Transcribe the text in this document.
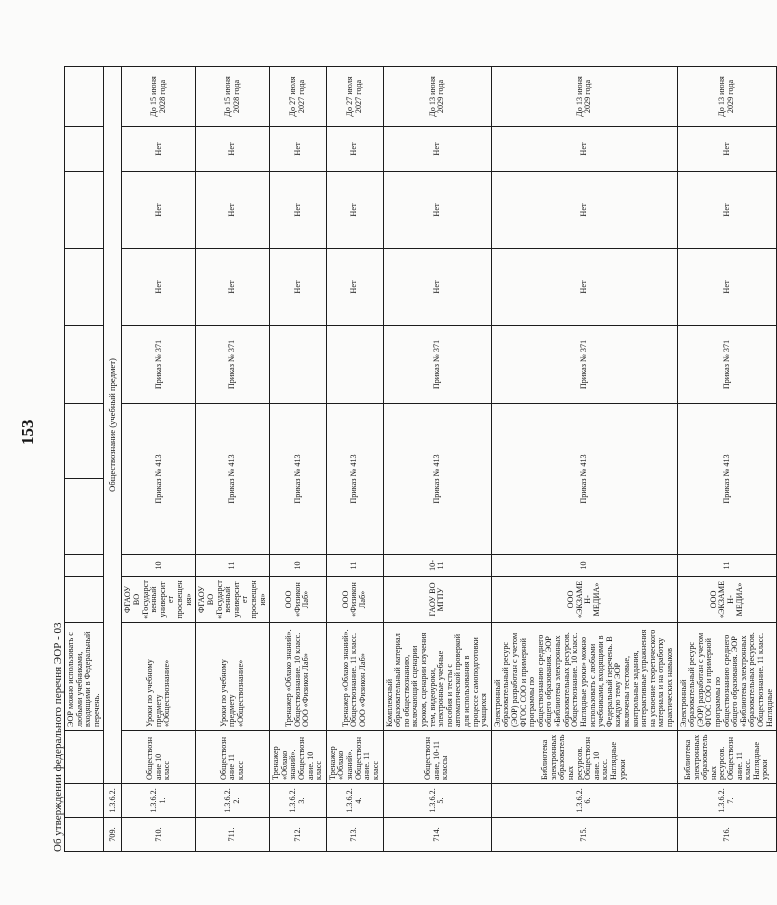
153
Об утверждении федерального перечня ЭОР - 03
			ЭОР можно использовать с любыми учебниками, входящими в Федеральный перечень.									
709.	1.3.6.2.	Обществознание (учебный предмет)										
710.	1.3.6.2.1.	Обществознание 10 класс	Уроки по учебному предмету «Обществознание»	ФГАОУ ВО «Государственный университет просвещения»	10	Приказ № 413		Приказ № 371	Нет	Нет	Нет	До 15 июня 2028 года
711.	1.3.6.2.2.	Обществознание 11 класс	Уроки по учебному предмету «Обществознание»	ФГАОУ ВО «Государственный университет просвещения»	11	Приказ № 413		Приказ № 371	Нет	Нет	Нет	До 15 июня 2028 года
712.	1.3.6.2.3.	Тренажер «Облако знаний». Обществознание. 10 класс	Тренажер «Облако знаний». Обществознание. 10 класс. ООО «Физикон Лаб»	ООО «Физикон Лаб»	10	Приказ № 413			Нет	Нет	Нет	До 27 июля 2027 года
713.	1.3.6.2.4.	Тренажер «Облако знаний». Обществознание. 11 класс	Тренажер «Облако знаний». Обществознание. 11 класс. ООО «Физикон Лаб»	ООО «Физикон Лаб»	11	Приказ № 413			Нет	Нет	Нет	До 27 июля 2027 года
714.	1.3.6.2.5.	Обществознание, 10-11 классы	Комплексный образовательный материал по обществознанию, включающий сценарии уроков, сценарии изучения тем, видеоуроки, электронные учебные пособия и тесты с автоматической проверкой для использования в процессе самоподготовки учащихся	ГАОУ ВО МГПУ	10-11	Приказ № 413		Приказ № 371	Нет	Нет	Нет	До 13 июня 2029 года
715.	1.3.6.2.6.	Библиотека электронных образовательных ресурсов. Обществознание. 10 класс. Наглядные уроки	Электронный образовательный ресурс (ЭОР) разработан с учетом ФГОС СОО и примерной программы по обществознанию среднего общего образования. ЭОР «Библиотека электронных образовательных ресурсов. Обществознание. 10 класс. Наглядные уроки» можно использовать с любыми учебниками, входящими в Федеральный перечень. В каждую тему ЭОР включены тестовые, контрольные задания, интерактивные упражнения на усвоение теоретического материала и на отработку практических навыков	ООО «ЭКЗАМЕН-МЕДИА»	10	Приказ № 413		Приказ № 371	Нет	Нет	Нет	До 13 июня 2029 года
716.	1.3.6.2.7.	Библиотека электронных образовательных ресурсов. Обществознание. 11 класс. Наглядные уроки	Электронный образовательный ресурс (ЭОР) разработан с учетом ФГОС СОО и примерной программы по обществознанию среднего общего образования. ЭОР «Библиотека электронных образовательных ресурсов. Обществознание. 11 класс. Наглядные	ООО «ЭКЗАМЕН-МЕДИА»	11	Приказ № 413		Приказ № 371	Нет	Нет	Нет	До 13 июня 2029 года
